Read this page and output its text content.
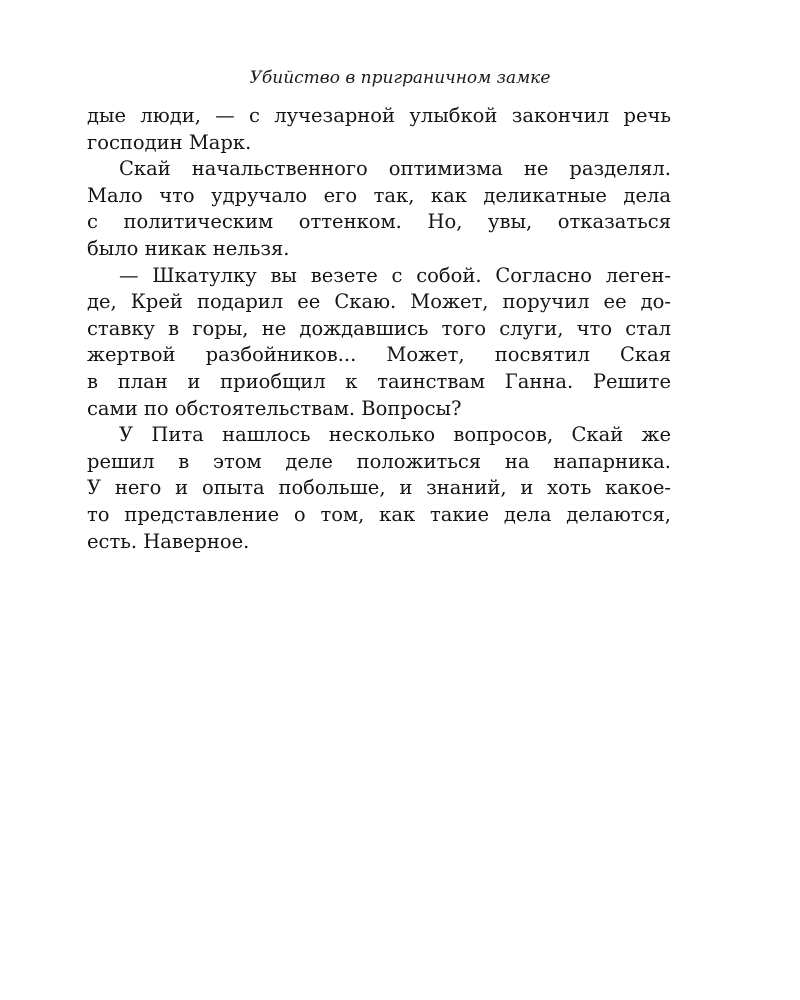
Убийство в приграничном замке
дые люди, — с лучезарной улыбкой закончил речь
господин Марк.
Скай начальственного оптимизма не разделял.
Мало что удручало его так, как деликатные дела
с политическим оттенком. Но, увы, отказаться
было никак нельзя.
— Шкатулку вы везете с собой. Согласно леген-
де, Крей подарил ее Скаю. Может, поручил ее до-
ставку в горы, не дождавшись того слуги, что стал
жертвой разбойников... Может, посвятил Ская
в план и приобщил к таинствам Ганна. Решите
сами по обстоятельствам. Вопросы?
У Пита нашлось несколько вопросов, Скай же
решил в этом деле положиться на напарника.
У него и опыта побольше, и знаний, и хоть какое-
то представление о том, как такие дела делаются,
есть. Наверное.
